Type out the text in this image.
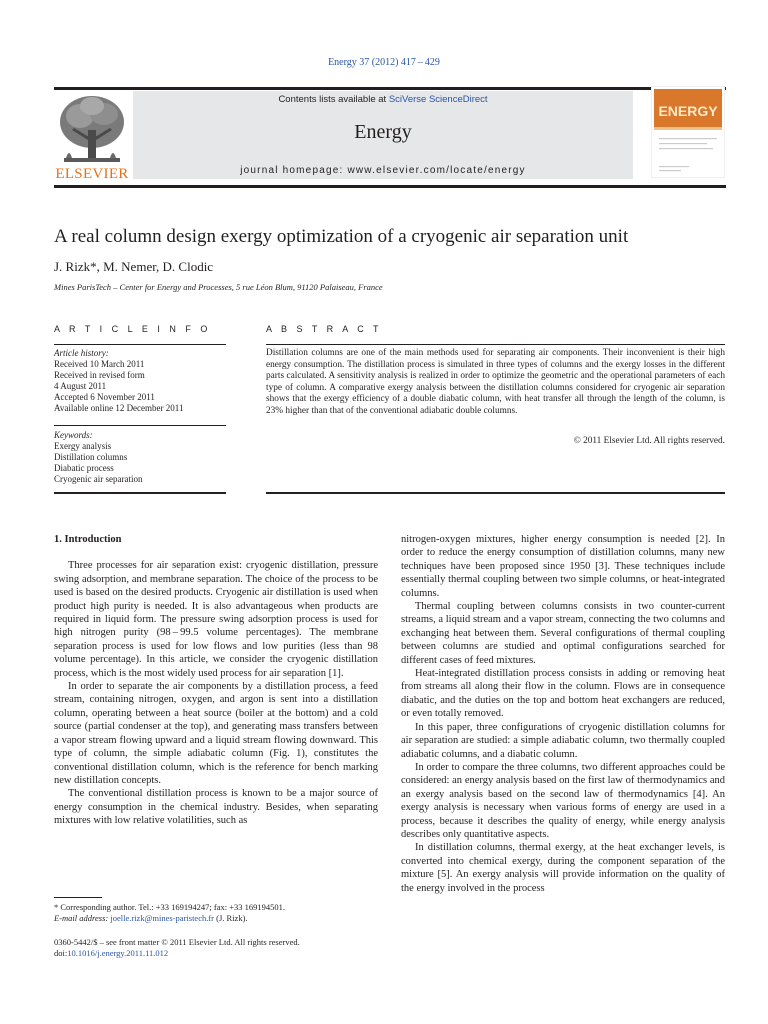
Energy 37 (2012) 417 – 429
ELSEVIER
Contents lists available at SciVerse ScienceDirect
Energy
journal homepage: www.elsevier.com/locate/energy
ENERGY
A real column design exergy optimization of a cryogenic air separation unit
J. Rizk*, M. Nemer, D. Clodic
Mines ParisTech – Center for Energy and Processes, 5 rue Léon Blum, 91120 Palaiseau, France
A R T I C L E I N F O	A B S T R A C T
Article history:
Received 10 March 2011
Received in revised form
4 August 2011
Accepted 6 November 2011
Available online 12 December 2011
Keywords:
Exergy analysis
Distillation columns
Diabatic process
Cryogenic air separation
Distillation columns are one of the main methods used for separating air components. Their inconvenient is their high energy consumption. The distillation process is simulated in three types of columns and the exergy losses in the different parts calculated. A sensitivity analysis is realized in order to optimize the geometric and the operational parameters of each type of column. A comparative exergy analysis between the distillation columns considered for cryogenic air separation shows that the exergy efficiency of a double diabatic column, with heat transfer all through the length of the column, is 23% higher than that of the conventional adiabatic double columns.
© 2011 Elsevier Ltd. All rights reserved.
1. Introduction

Three processes for air separation exist: cryogenic distillation, pressure swing adsorption, and membrane separation. The choice of the process to be used is based on the desired products. Cryogenic air distillation is used when product high purity is needed. It is also advantageous when products are required in liquid form. The pressure swing adsorption process is used for high nitrogen purity (98 – 99.5 volume percentages). The membrane separation process is used for low flows and low purities (less than 98 volume percentage). In this article, we consider the cryogenic distillation process, which is the most widely used process for air separation [1].

In order to separate the air components by a distillation process, a feed stream, containing nitrogen, oxygen, and argon is sent into a distillation column, operating between a heat source (boiler at the bottom) and a cold source (partial condenser at the top), and generating mass transfers between a vapor stream flowing upward and a liquid stream flowing downward. This type of column, the simple adiabatic column (Fig. 1), constitutes the conventional distillation column, which is the reference for bench marking new distillation concepts.

The conventional distillation process is known to be a major source of energy consumption in the chemical industry. Besides, when separating mixtures with low relative volatilities, such as

nitrogen-oxygen mixtures, higher energy consumption is needed [2]. In order to reduce the energy consumption of distillation columns, many new techniques have been proposed since 1950 [3]. These techniques include essentially thermal coupling between two simple columns, or heat-integrated columns.

Thermal coupling between columns consists in two counter-current streams, a liquid stream and a vapor stream, connecting the two columns and exchanging heat between them. Several configurations of thermal coupling between columns are studied and optimal configurations searched for different cases of feed mixtures.

Heat-integrated distillation process consists in adding or removing heat from streams all along their flow in the column. Flows are in consequence diabatic, and the duties on the top and bottom heat exchangers are reduced, or even totally removed.

In this paper, three configurations of cryogenic distillation columns for air separation are studied: a simple adiabatic column, two thermally coupled adiabatic columns, and a diabatic column.

In order to compare the three columns, two different approaches could be considered: an energy analysis based on the first law of thermodynamics and an exergy analysis based on the second law of thermodynamics [4]. An exergy analysis is necessary when various forms of energy are used in a process, because it describes the quality of energy, while energy analysis describes only quantitative aspects.

In distillation columns, thermal exergy, at the heat exchanger levels, is converted into chemical exergy, during the component separation of the mixture [5]. An exergy analysis will provide information on the quality of the energy involved in the process

* Corresponding author. Tel.: +33 169194247; fax: +33 169194501.
E-mail address: joelle.rizk@mines-paristech.fr (J. Rizk).
0360-5442/$ – see front matter © 2011 Elsevier Ltd. All rights reserved.
doi:10.1016/j.energy.2011.11.012
